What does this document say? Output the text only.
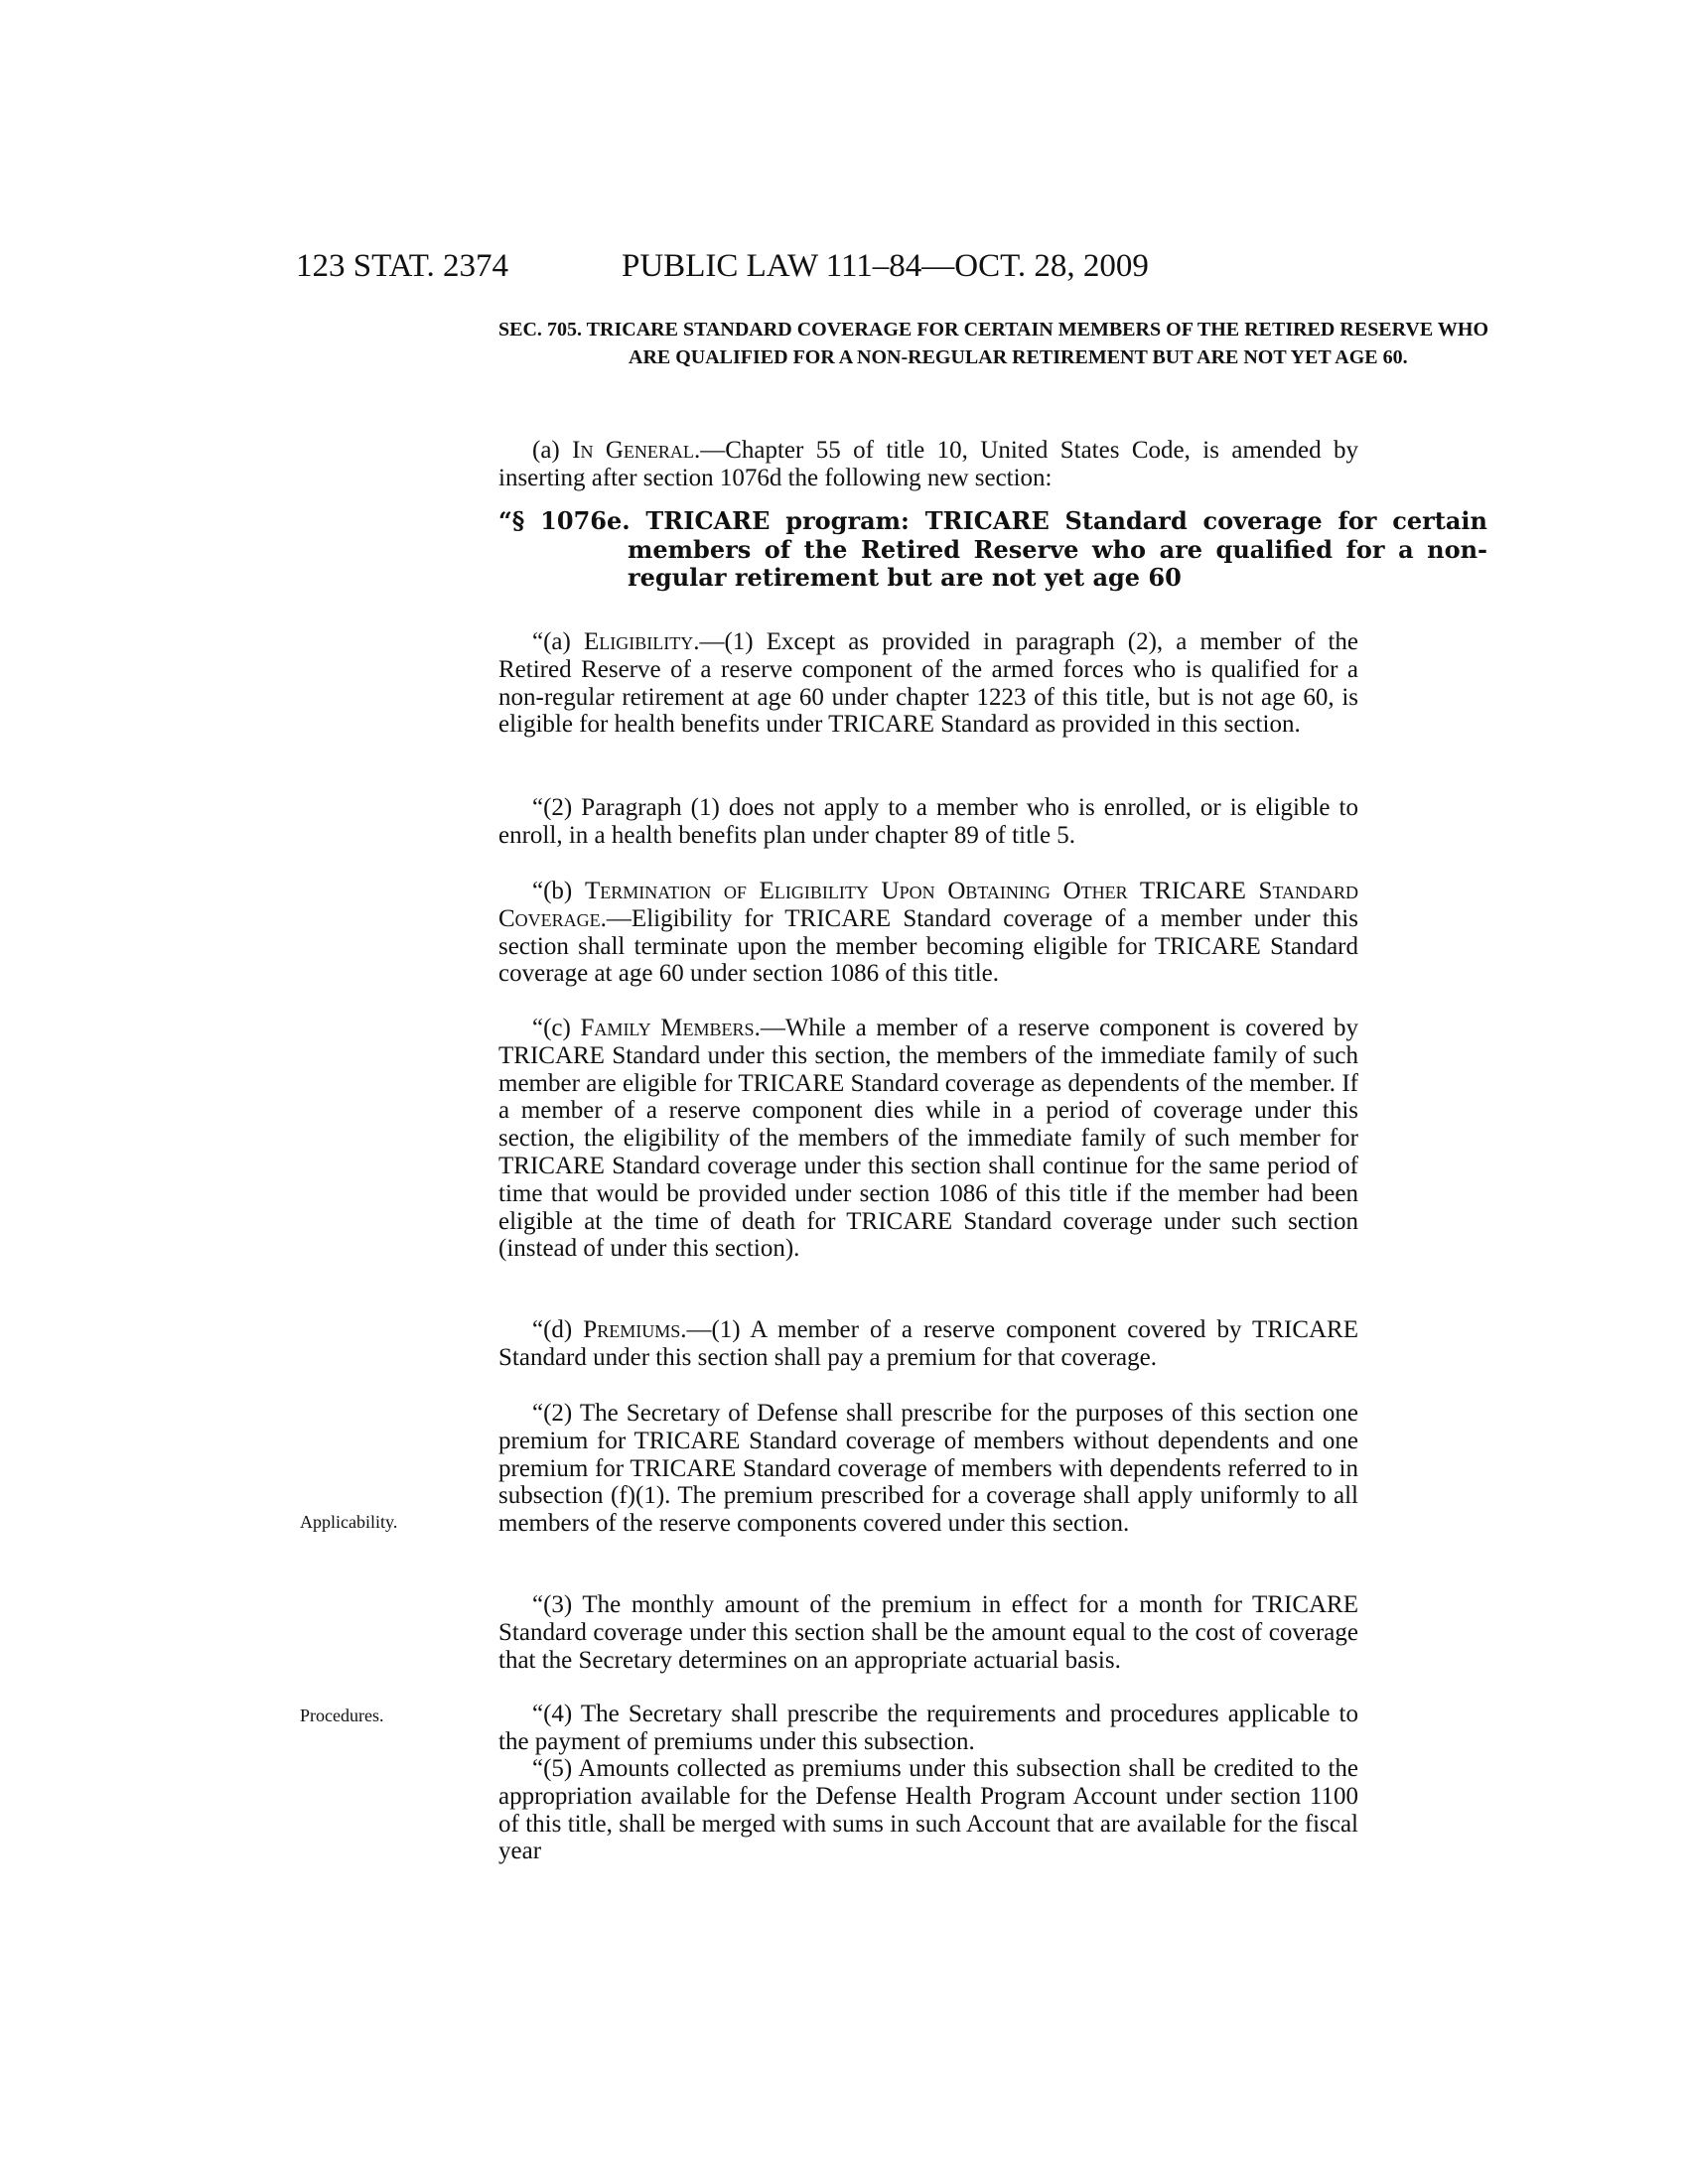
123 STAT. 2374	PUBLIC LAW 111–84—OCT. 28, 2009
SEC. 705. TRICARE STANDARD COVERAGE FOR CERTAIN MEMBERS OF THE RETIRED RESERVE WHO ARE QUALIFIED FOR A NON-REGULAR RETIREMENT BUT ARE NOT YET AGE 60.
(a) In General.—Chapter 55 of title 10, United States Code, is amended by inserting after section 1076d the following new section:
“§ 1076e. TRICARE program: TRICARE Standard coverage for certain members of the Retired Reserve who are qualified for a non-regular retirement but are not yet age 60
“(a) Eligibility.—(1) Except as provided in paragraph (2), a member of the Retired Reserve of a reserve component of the armed forces who is qualified for a non-regular retirement at age 60 under chapter 1223 of this title, but is not age 60, is eligible for health benefits under TRICARE Standard as provided in this section.
“(2) Paragraph (1) does not apply to a member who is enrolled, or is eligible to enroll, in a health benefits plan under chapter 89 of title 5.
“(b) Termination of Eligibility Upon Obtaining Other TRICARE Standard Coverage.—Eligibility for TRICARE Standard coverage of a member under this section shall terminate upon the member becoming eligible for TRICARE Standard coverage at age 60 under section 1086 of this title.
“(c) Family Members.—While a member of a reserve component is covered by TRICARE Standard under this section, the members of the immediate family of such member are eligible for TRICARE Standard coverage as dependents of the member. If a member of a reserve component dies while in a period of coverage under this section, the eligibility of the members of the immediate family of such member for TRICARE Standard coverage under this section shall continue for the same period of time that would be provided under section 1086 of this title if the member had been eligible at the time of death for TRICARE Standard coverage under such section (instead of under this section).
“(d) Premiums.—(1) A member of a reserve component covered by TRICARE Standard under this section shall pay a premium for that coverage.
“(2) The Secretary of Defense shall prescribe for the purposes of this section one premium for TRICARE Standard coverage of members without dependents and one premium for TRICARE Standard coverage of members with dependents referred to in subsection (f)(1). The premium prescribed for a coverage shall apply uniformly to all members of the reserve components covered under this section.
Applicability.
“(3) The monthly amount of the premium in effect for a month for TRICARE Standard coverage under this section shall be the amount equal to the cost of coverage that the Secretary determines on an appropriate actuarial basis.
Procedures.	“(4) The Secretary shall prescribe the requirements and procedures applicable to the payment of premiums under this subsection.
“(5) Amounts collected as premiums under this subsection shall be credited to the appropriation available for the Defense Health Program Account under section 1100 of this title, shall be merged with sums in such Account that are available for the fiscal year
